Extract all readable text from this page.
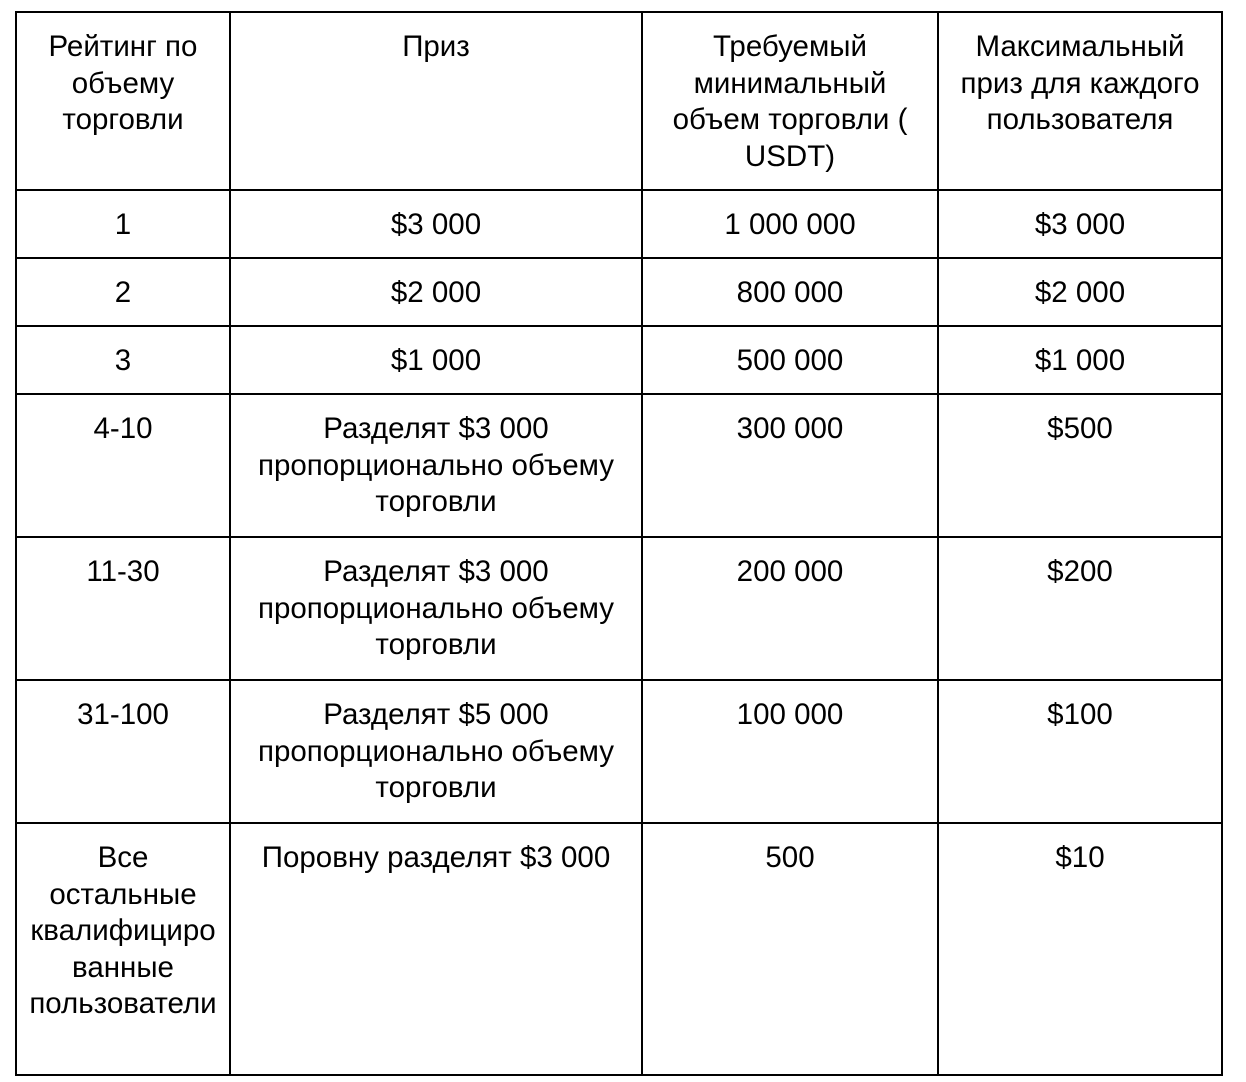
Рейтинг по объему торговли	Приз	Требуемый минимальный объем торговли ( USDT)	Максимальный приз для каждого пользователя
1	$3 000	1 000 000	$3 000
2	$2 000	800 000	$2 000
3	$1 000	500 000	$1 000
4-10	Разделят $3 000 пропорционально объему торговли	300 000	$500
11-30	Разделят $3 000 пропорционально объему торговли	200 000	$200
31-100	Разделят $5 000 пропорционально объему торговли	100 000	$100
Все остальные квалифицированные пользователи	Поровну разделят $3 000	500	$10
